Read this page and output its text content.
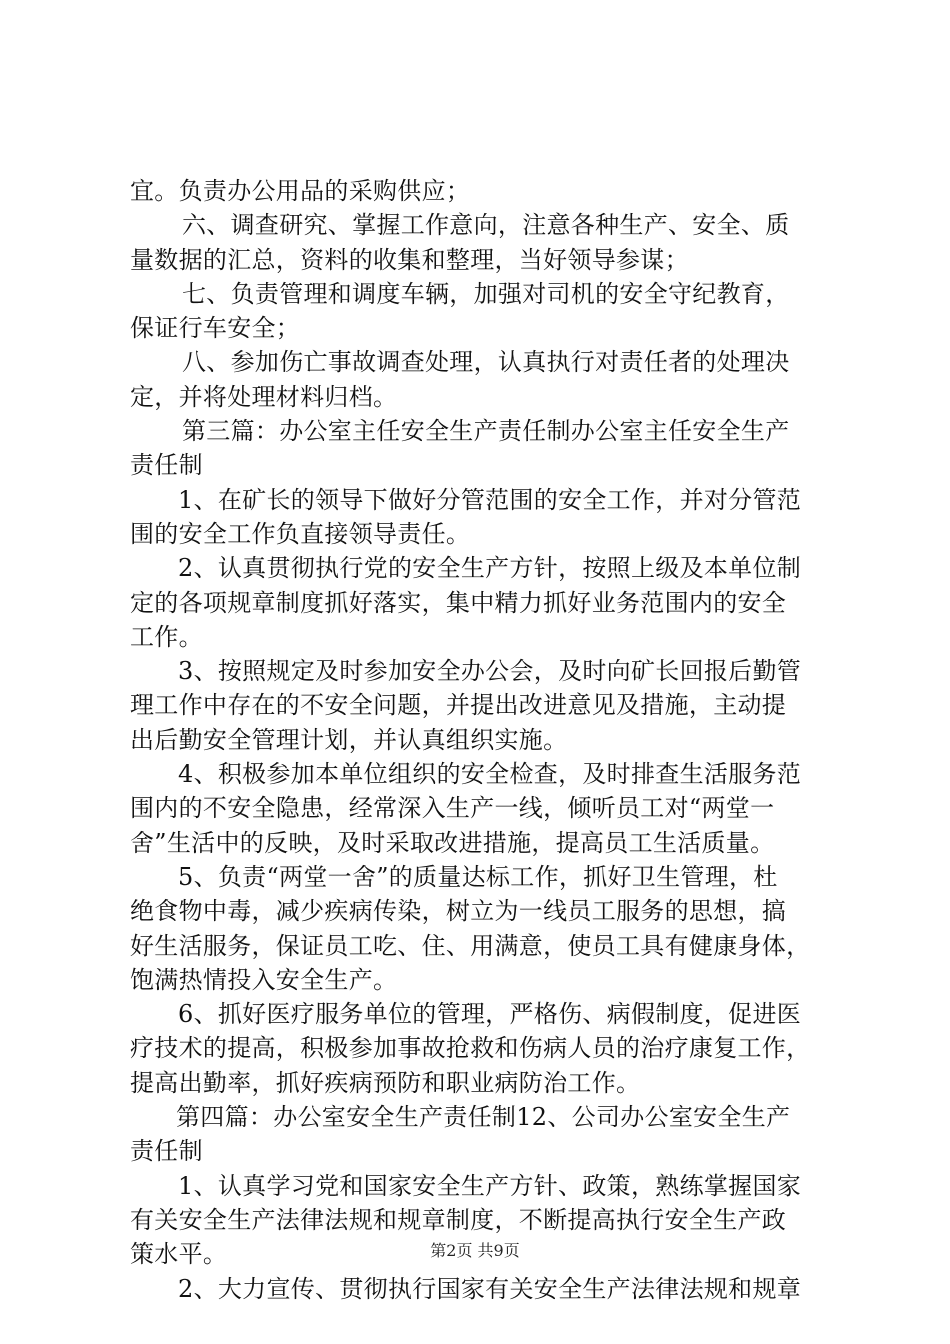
宜。负责办公用品的采购供应；
六、调查研究、掌握工作意向，注意各种生产、安全、质
量数据的汇总，资料的收集和整理，当好领导参谋；
七、负责管理和调度车辆，加强对司机的安全守纪教育，
保证行车安全；
八、参加伤亡事故调查处理，认真执行对责任者的处理决
定，并将处理材料归档。
第三篇：办公室主任安全生产责任制办公室主任安全生产
责任制
1、在矿长的领导下做好分管范围的安全工作，并对分管范
围的安全工作负直接领导责任。
2、认真贯彻执行党的安全生产方针，按照上级及本单位制
定的各项规章制度抓好落实，集中精力抓好业务范围内的安全
工作。
3、按照规定及时参加安全办公会，及时向矿长回报后勤管
理工作中存在的不安全问题，并提出改进意见及措施，主动提
出后勤安全管理计划，并认真组织实施。
4、积极参加本单位组织的安全检查，及时排查生活服务范
围内的不安全隐患，经常深入生产一线，倾听员工对“两堂一
舍”生活中的反映，及时采取改进措施，提高员工生活质量。
5、负责“两堂一舍”的质量达标工作，抓好卫生管理，杜
绝食物中毒，减少疾病传染，树立为一线员工服务的思想，搞
好生活服务，保证员工吃、住、用满意，使员工具有健康身体，
饱满热情投入安全生产。
6、抓好医疗服务单位的管理，严格伤、病假制度，促进医
疗技术的提高，积极参加事故抢救和伤病人员的治疗康复工作，
提高出勤率，抓好疾病预防和职业病防治工作。
第四篇：办公室安全生产责任制12、公司办公室安全生产
责任制
1、认真学习党和国家安全生产方针、政策，熟练掌握国家
有关安全生产法律法规和规章制度，不断提高执行安全生产政
策水平。
2、大力宣传、贯彻执行国家有关安全生产法律法规和规章
第2页 共9页
